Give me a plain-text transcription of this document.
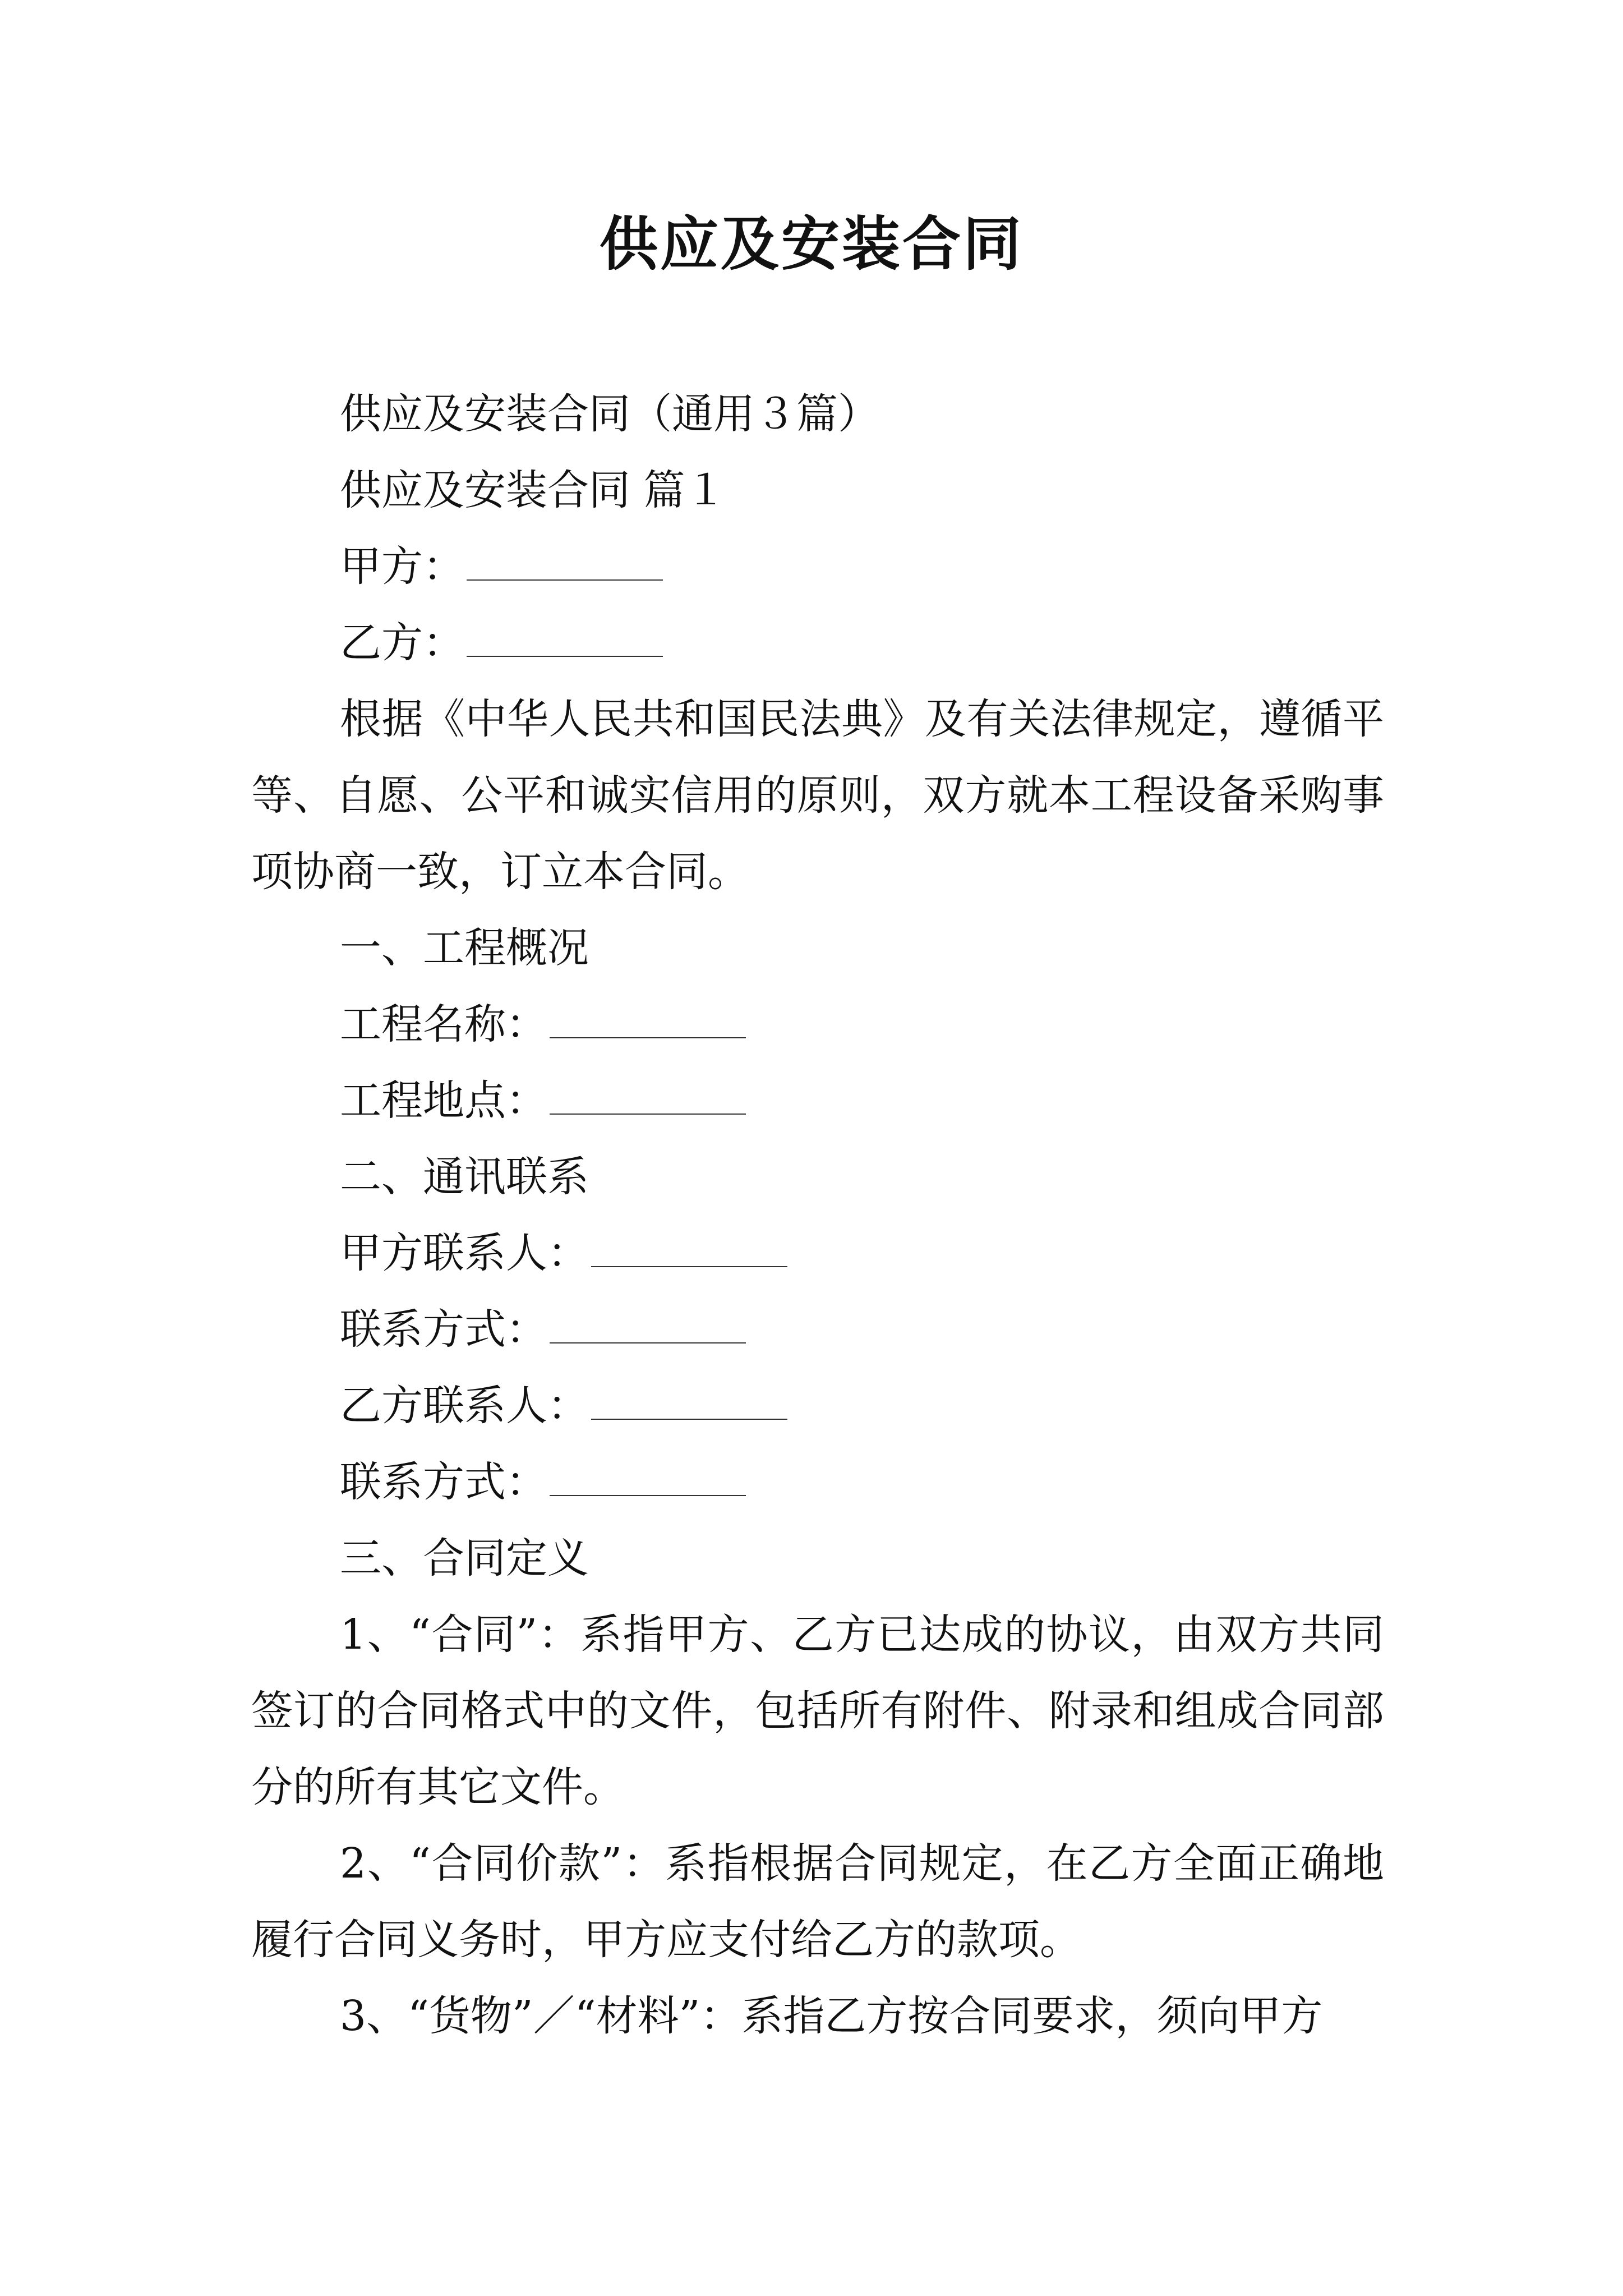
供应及安装合同

供应及安装合同（通用３篇）

供应及安装合同 篇１

甲方：

乙方：

根据《中华人民共和国民法典》及有关法律规定，遵循平等、自愿、公平和诚实信用的原则，双方就本工程设备采购事项协商一致，订立本合同。

一、工程概况

工程名称：

工程地点：

二、通讯联系

甲方联系人：

联系方式：

乙方联系人：

联系方式：

三、合同定义

1、“合同”：系指甲方、乙方已达成的协议，由双方共同签订的合同格式中的文件，包括所有附件、附录和组成合同部分的所有其它文件。

2、“合同价款”：系指根据合同规定，在乙方全面正确地履行合同义务时，甲方应支付给乙方的款项。

3、“货物”／“材料”：系指乙方按合同要求，须向甲方
